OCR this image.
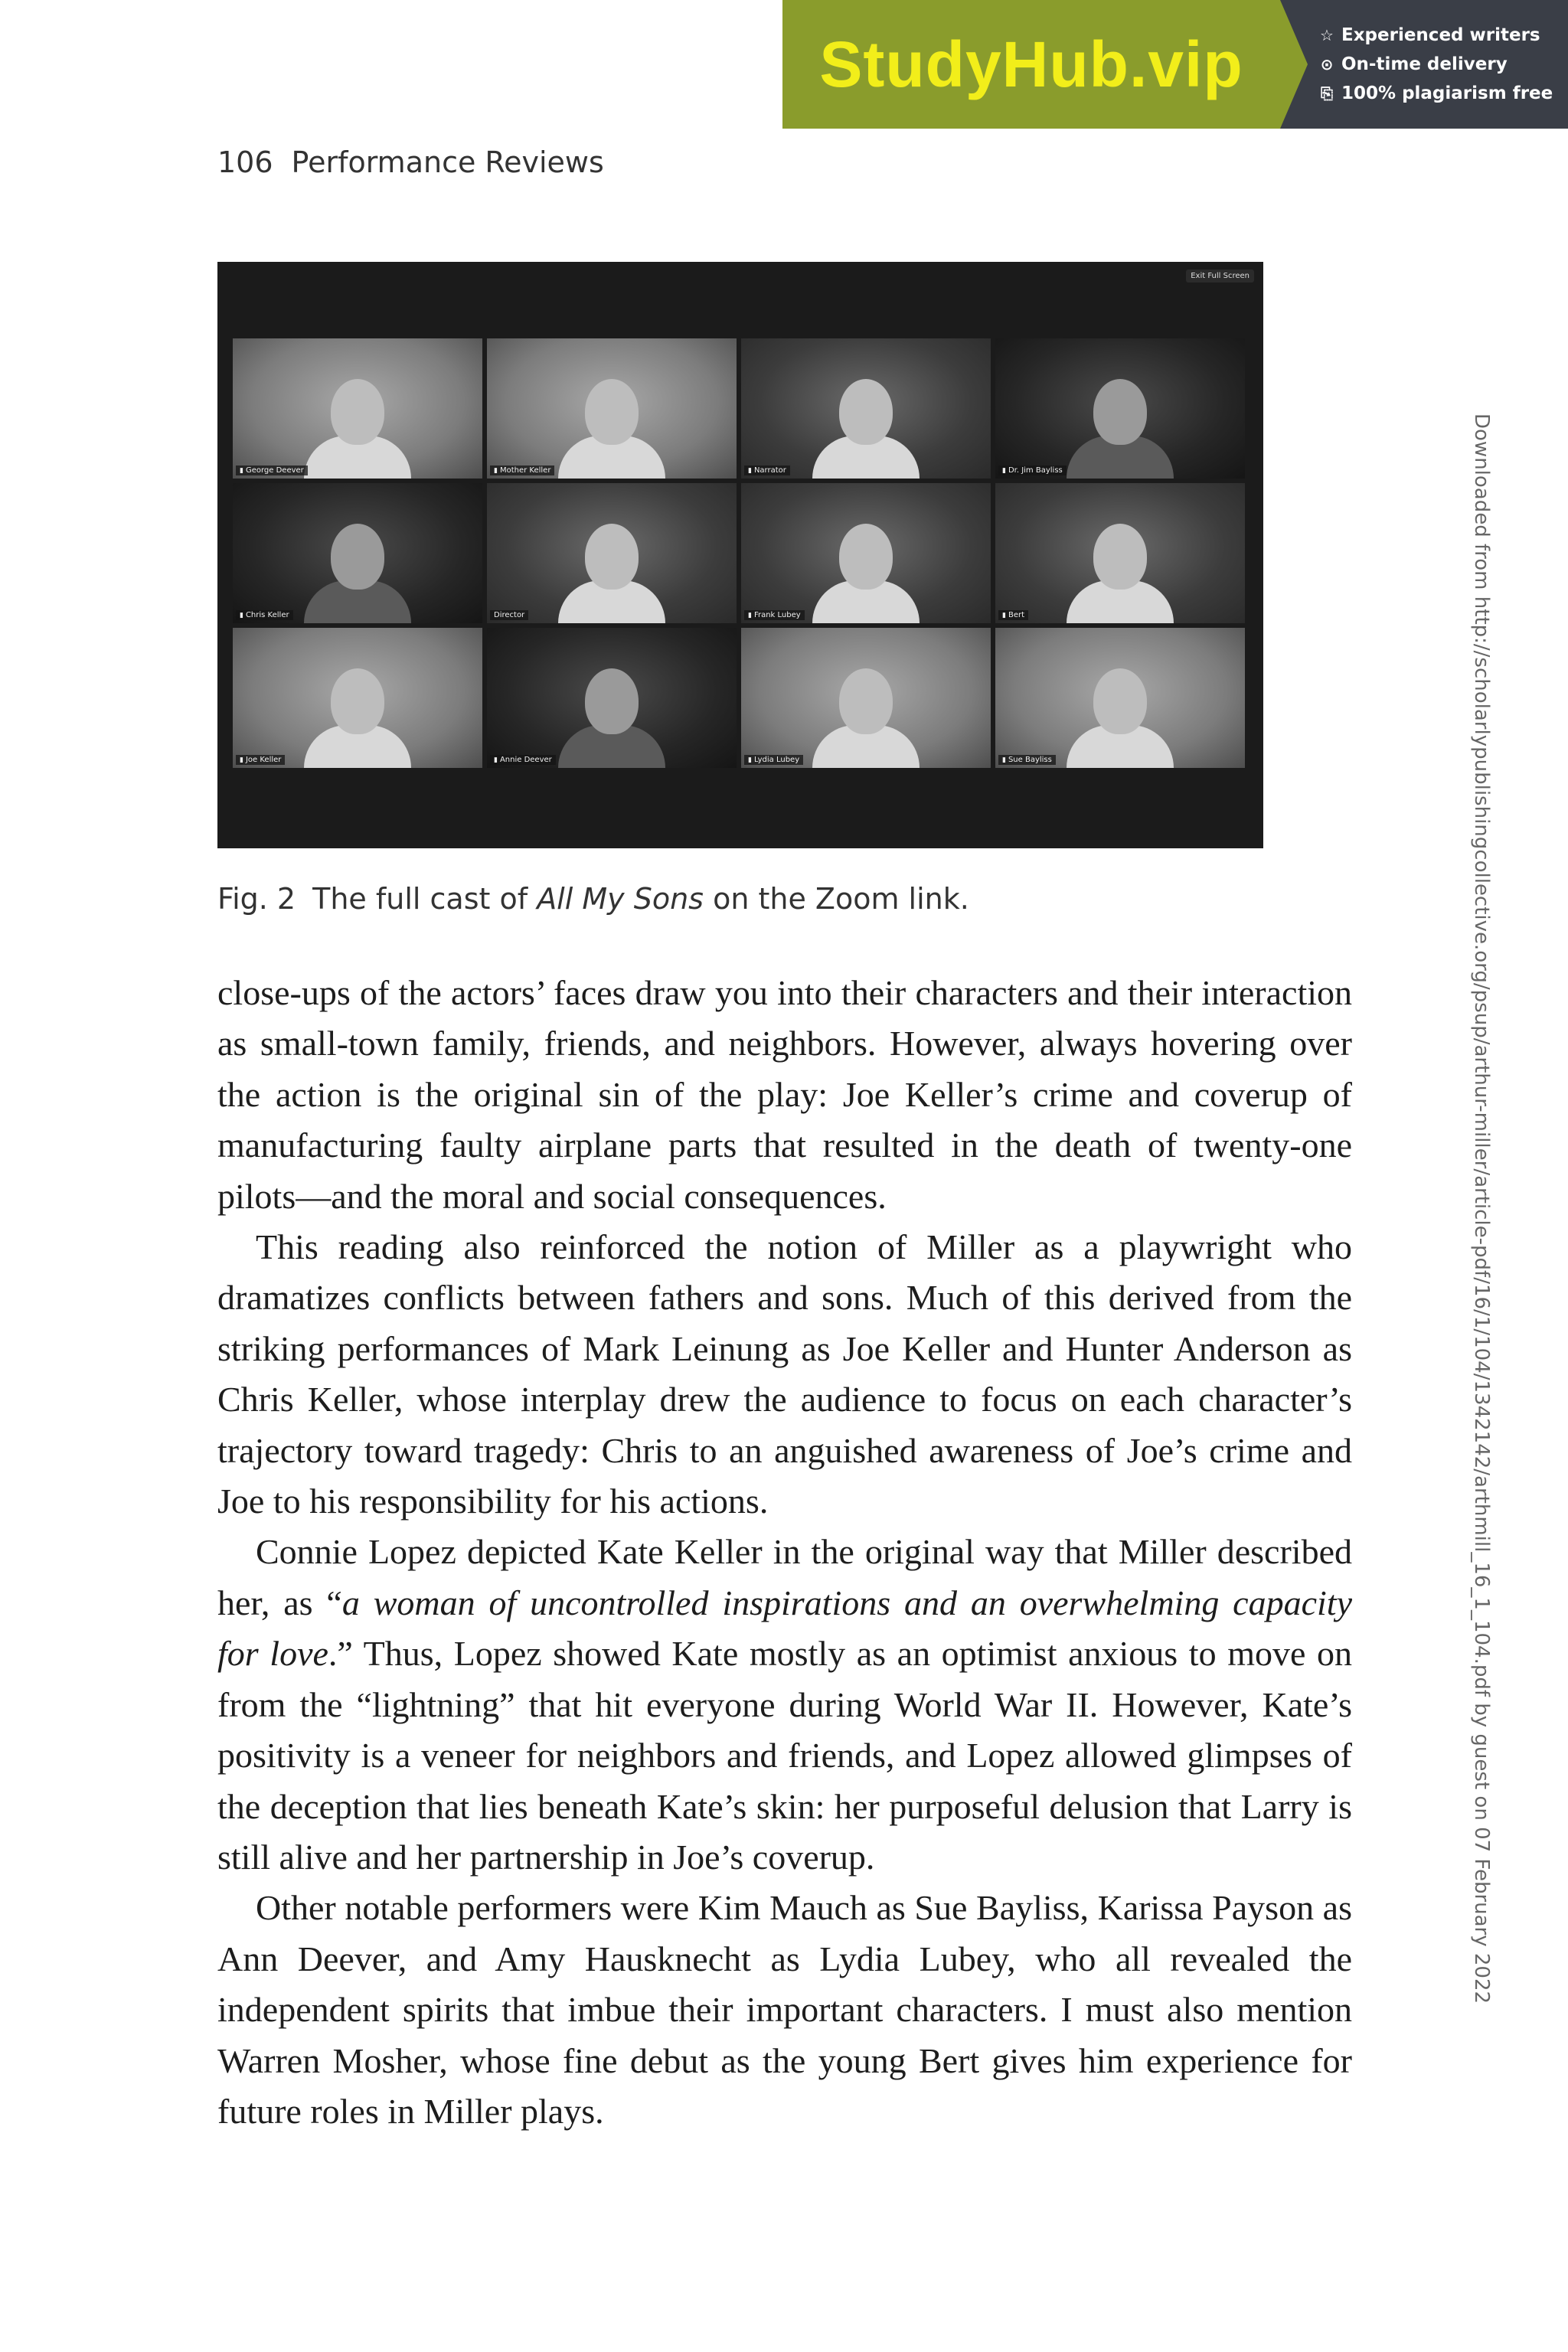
StudyHub.vip	☆ Experienced writers
⊙ On-time delivery
⎘ 100% plagiarism free
106 Performance Reviews
Exit Full Screen
▮ George Deever	▮ Mother Keller	▮ Narrator	▮ Dr. Jim Bayliss
▮ Chris Keller	Director	▮ Frank Lubey	▮ Bert
▮ Joe Keller	▮ Annie Deever	▮ Lydia Lubey	▮ Sue Bayliss
Fig. 2 The full cast of All My Sons on the Zoom link.

close-ups of the actors’ faces draw you into their characters and their interaction as small-town family, friends, and neighbors. However, always hovering over the action is the original sin of the play: Joe Keller’s crime and coverup of manufacturing faulty airplane parts that resulted in the death of twenty-one pilots—and the moral and social consequences.

This reading also reinforced the notion of Miller as a playwright who dramatizes conflicts between fathers and sons. Much of this derived from the striking performances of Mark Leinung as Joe Keller and Hunter Anderson as Chris Keller, whose interplay drew the audience to focus on each character’s trajectory toward tragedy: Chris to an anguished awareness of Joe’s crime and Joe to his responsibility for his actions.

Connie Lopez depicted Kate Keller in the original way that Miller described her, as “a woman of uncontrolled inspirations and an overwhelming capacity for love.” Thus, Lopez showed Kate mostly as an optimist anxious to move on from the “lightning” that hit everyone during World War II. However, Kate’s positivity is a veneer for neighbors and friends, and Lopez allowed glimpses of the deception that lies beneath Kate’s skin: her purposeful delusion that Larry is still alive and her partnership in Joe’s coverup.

Other notable performers were Kim Mauch as Sue Bayliss, Karissa Payson as Ann Deever, and Amy Hausknecht as Lydia Lubey, who all revealed the independent spirits that imbue their important characters. I must also mention Warren Mosher, whose fine debut as the young Bert gives him experience for future roles in Miller plays.

Downloaded from http://scholarlypublishingcollective.org/psup/arthur-miller/article-pdf/16/1/104/1342142/arthmill_16_1_104.pdf by guest on 07 February 2022
